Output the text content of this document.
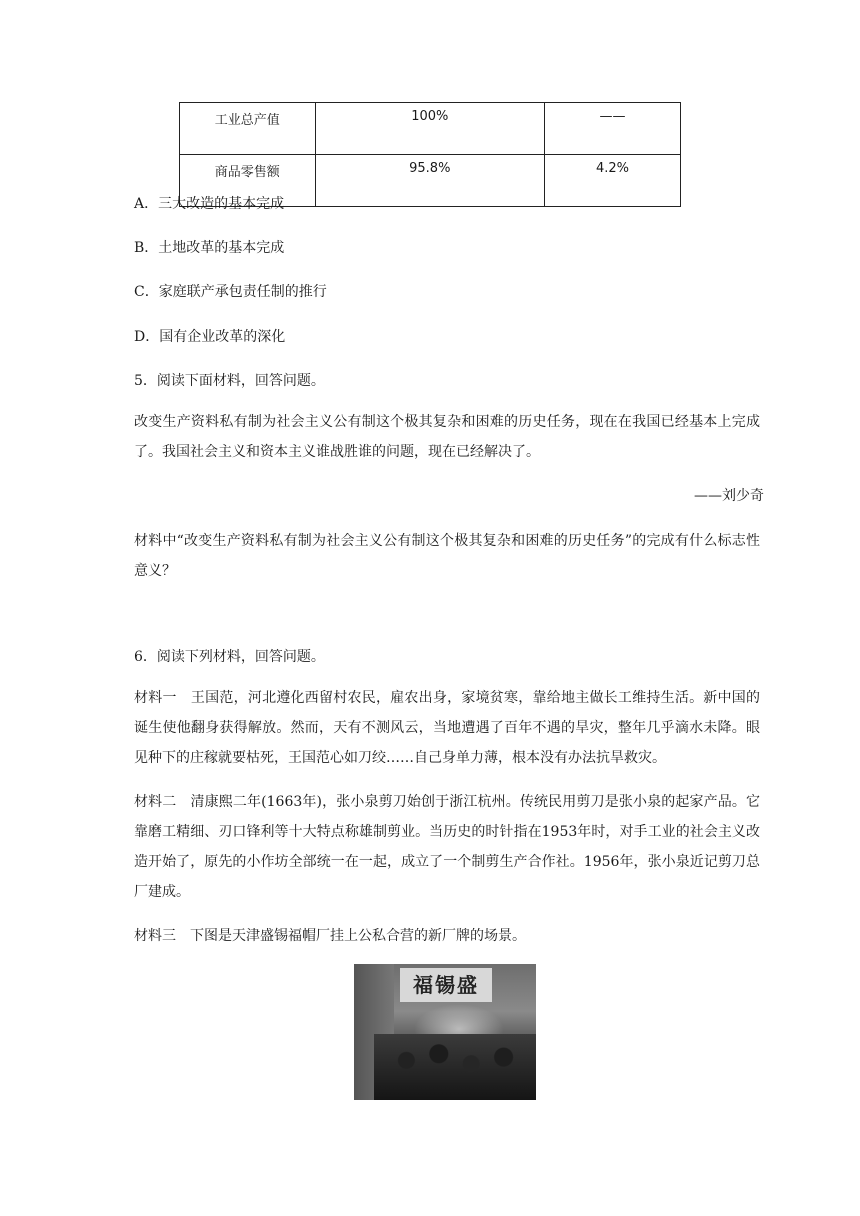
工业总产值	100%	——
商品零售额	95.8%	4.2%
A．三大改造的基本完成
B．土地改革的基本完成
C．家庭联产承包责任制的推行
D．国有企业改革的深化
5．阅读下面材料，回答问题。
改变生产资料私有制为社会主义公有制这个极其复杂和困难的历史任务，现在在我国已经基本上完成了。我国社会主义和资本主义谁战胜谁的问题，现在已经解决了。
——刘少奇
材料中“改变生产资料私有制为社会主义公有制这个极其复杂和困难的历史任务”的完成有什么标志性意义？
6．阅读下列材料，回答问题。
材料一　王国范，河北遵化西留村农民，雇农出身，家境贫寒，靠给地主做长工维持生活。新中国的诞生使他翻身获得解放。然而，天有不测风云，当地遭遇了百年不遇的旱灾，整年几乎滴水未降。眼见种下的庄稼就要枯死，王国范心如刀绞……自己身单力薄，根本没有办法抗旱救灾。
材料二　清康熙二年(1663年)，张小泉剪刀始创于浙江杭州。传统民用剪刀是张小泉的起家产品。它靠磨工精细、刃口锋利等十大特点称雄制剪业。当历史的时针指在1953年时，对手工业的社会主义改造开始了，原先的小作坊全部统一在一起，成立了一个制剪生产合作社。1956年，张小泉近记剪刀总厂建成。
材料三　下图是天津盛锡福帽厂挂上公私合营的新厂牌的场景。
福锡盛
